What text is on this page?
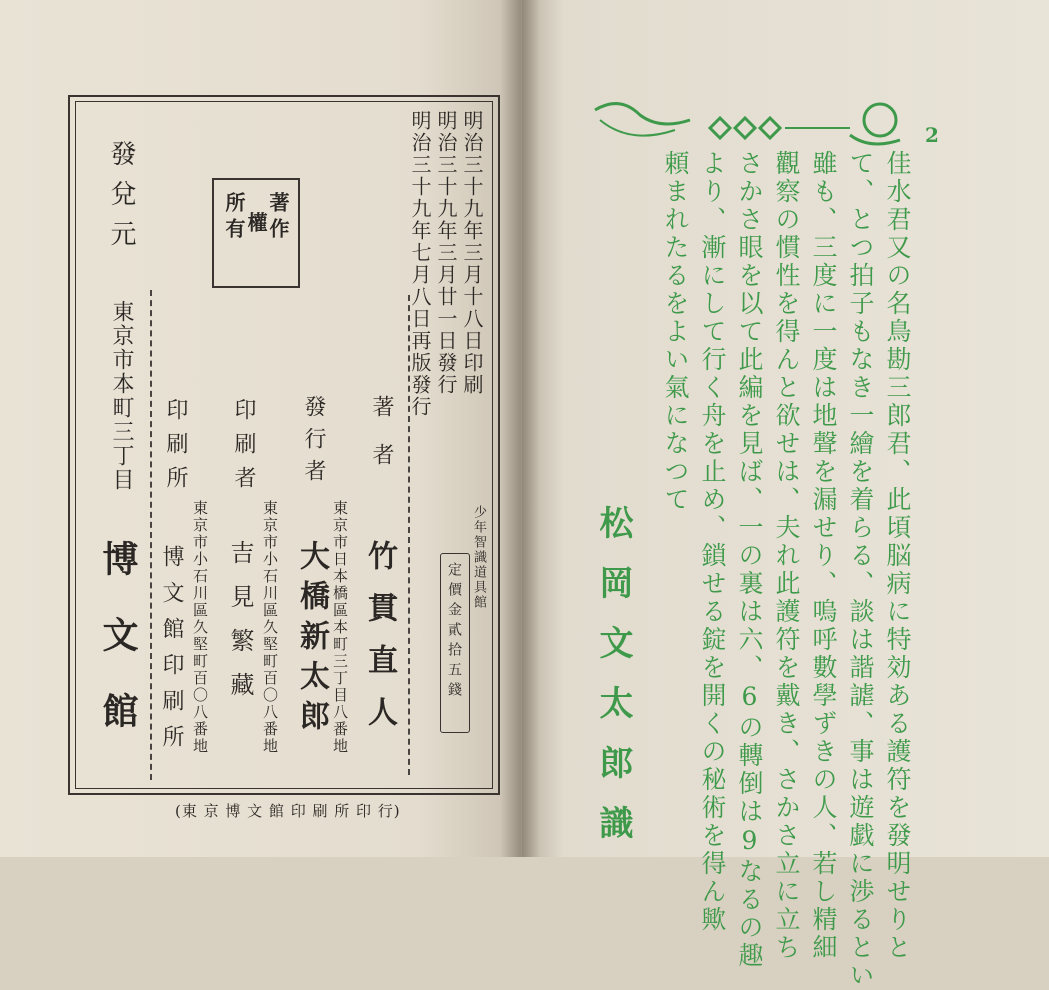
明治三十九年三月十八日印刷
明治三十九年三月廿一日發行
明治三十九年七月八日再版發行
著作
權
所有
少年智識道具館
定價金貳拾五錢
著者
竹貫直人
東京市日本橋區本町三丁目八番地
發行者
大橋新太郎
東京市小石川區久堅町百〇八番地
印刷者
吉見繁藏
東京市小石川區久堅町百〇八番地
印刷所
博文館印刷所
發兌元
東京市本町三丁目
博文館
(東 京 博 文 館 印 刷 所 印 行)
2
佳水君又の名鳥勘三郎君、此頃脳病に特効ある護符を發明せりと
て、とつ拍子もなき一繪を着らる、談は諧謔、事は遊戯に渉るとい
雖も、三度に一度は地聲を漏せり、嗚呼數學ずきの人、若し精細
觀察の慣性を得んと欲せは、夫れ此護符を戴き、さかさ立に立ち
さかさ眼を以て此編を見ば、一の裏は六、6の轉倒は9なるの趣
より、漸にして行く舟を止め、鎖せる錠を開くの秘術を得ん歟
頼まれたるをよい氣になつて
松岡文太郎識
